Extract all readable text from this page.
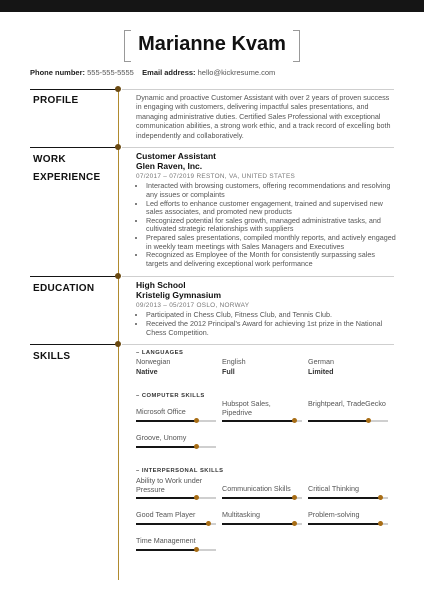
Marianne Kvam
Phone number: 555-555-5555 Email address: hello@kickresume.com
PROFILE	Dynamic and proactive Customer Assistant with over 2 years of proven success in engaging with customers, delivering impactful sales presentations, and managing administrative duties. Certified Sales Professional with exceptional communication abilities, a strong work ethic, and a track record of excelling both independently and collaboratively.
WORK
EXPERIENCE
Customer Assistant
Glen Raven, Inc.
07/2017 – 07/2019 RESTON, VA, UNITED STATES
• Interacted with browsing customers, offering recommendations and resolving any issues or complaints
• Led efforts to enhance customer engagement, trained and supervised new sales associates, and promoted new products
• Recognized potential for sales growth, managed administrative tasks, and cultivated strategic relationships with suppliers
• Prepared sales presentations, compiled monthly reports, and actively engaged in weekly team meetings with Sales Managers and Executives
• Recognized as Employee of the Month for consistently surpassing sales targets and delivering exceptional work performance
EDUCATION	High School
Kristelig Gymnasium
09/2013 – 05/2017 OSLO, NORWAY
• Participated in Chess Club, Fitness Club, and Tennis Club.
• Received the 2012 Principal's Award for achieving 1st prize in the National Chess Competition.
SKILLS	– LANGUAGES
Norwegian
Native
English
Full
German
Limited
– COMPUTER SKILLS
Microsoft Office
Hubspot Sales, Pipedrive
Brightpearl, TradeGecko
Groove, Unomy
– INTERPERSONAL SKILLS
Ability to Work under Pressure	Communication Skills	Critical Thinking
Good Team Player	Multitasking	Problem-solving
Time Management
